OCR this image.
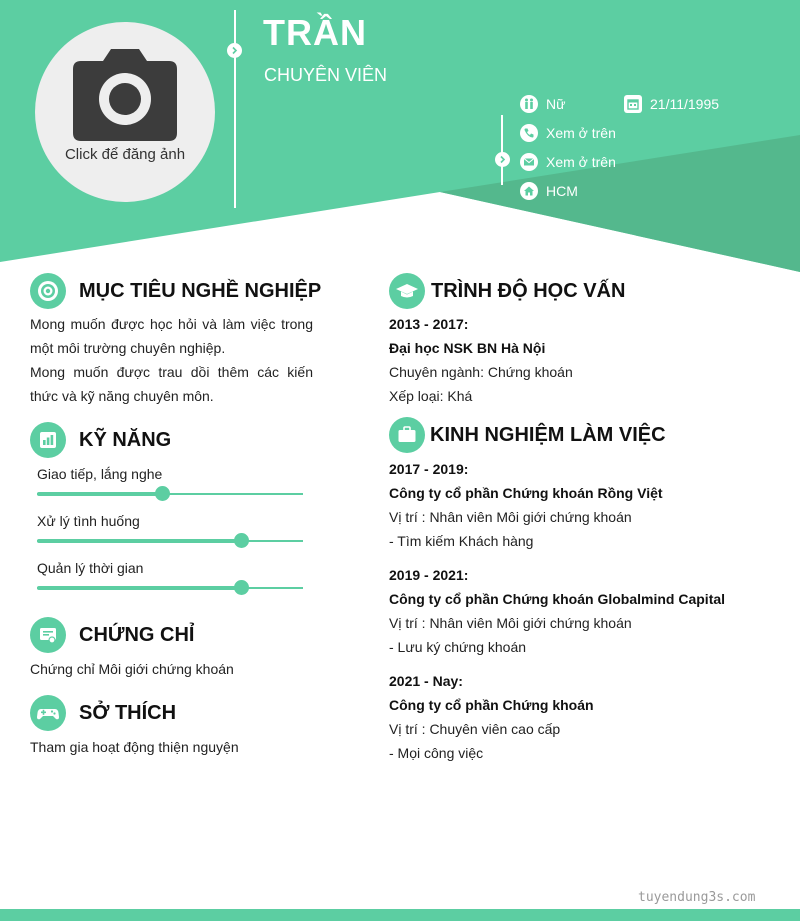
Click để đăng ảnh
TRẦN
CHUYÊN VIÊN
Nữ	21/11/1995
Xem ở trên
Xem ở trên
HCM
MỤC TIÊU NGHỀ NGHIỆP
Mong muốn được học hỏi và làm việc trong
một môi trường chuyên nghiệp.
Mong muốn được trau dồi thêm các kiến
thức và kỹ năng chuyên môn.
KỸ NĂNG
Giao tiếp, lắng nghe
Xử lý tình huống
Quản lý thời gian
CHỨNG CHỈ
Chứng chỉ Môi giới chứng khoán
SỞ THÍCH
Tham gia hoạt động thiện nguyện
TRÌNH ĐỘ HỌC VẤN
2013 - 2017:
Đại học NSK BN Hà Nội
Chuyên ngành: Chứng khoán
Xếp loại: Khá
KINH NGHIỆM LÀM VIỆC
2017 - 2019:
Công ty cổ phần Chứng khoán Rồng Việt
Vị trí : Nhân viên Môi giới chứng khoán
- Tìm kiếm Khách hàng
2019 - 2021:
Công ty cổ phần Chứng khoán Globalmind Capital
Vị trí : Nhân viên Môi giới chứng khoán
- Lưu ký chứng khoán
2021 - Nay:
Công ty cổ phần Chứng khoán
Vị trí : Chuyên viên cao cấp
- Mọi công việc
tuyendung3s.com
